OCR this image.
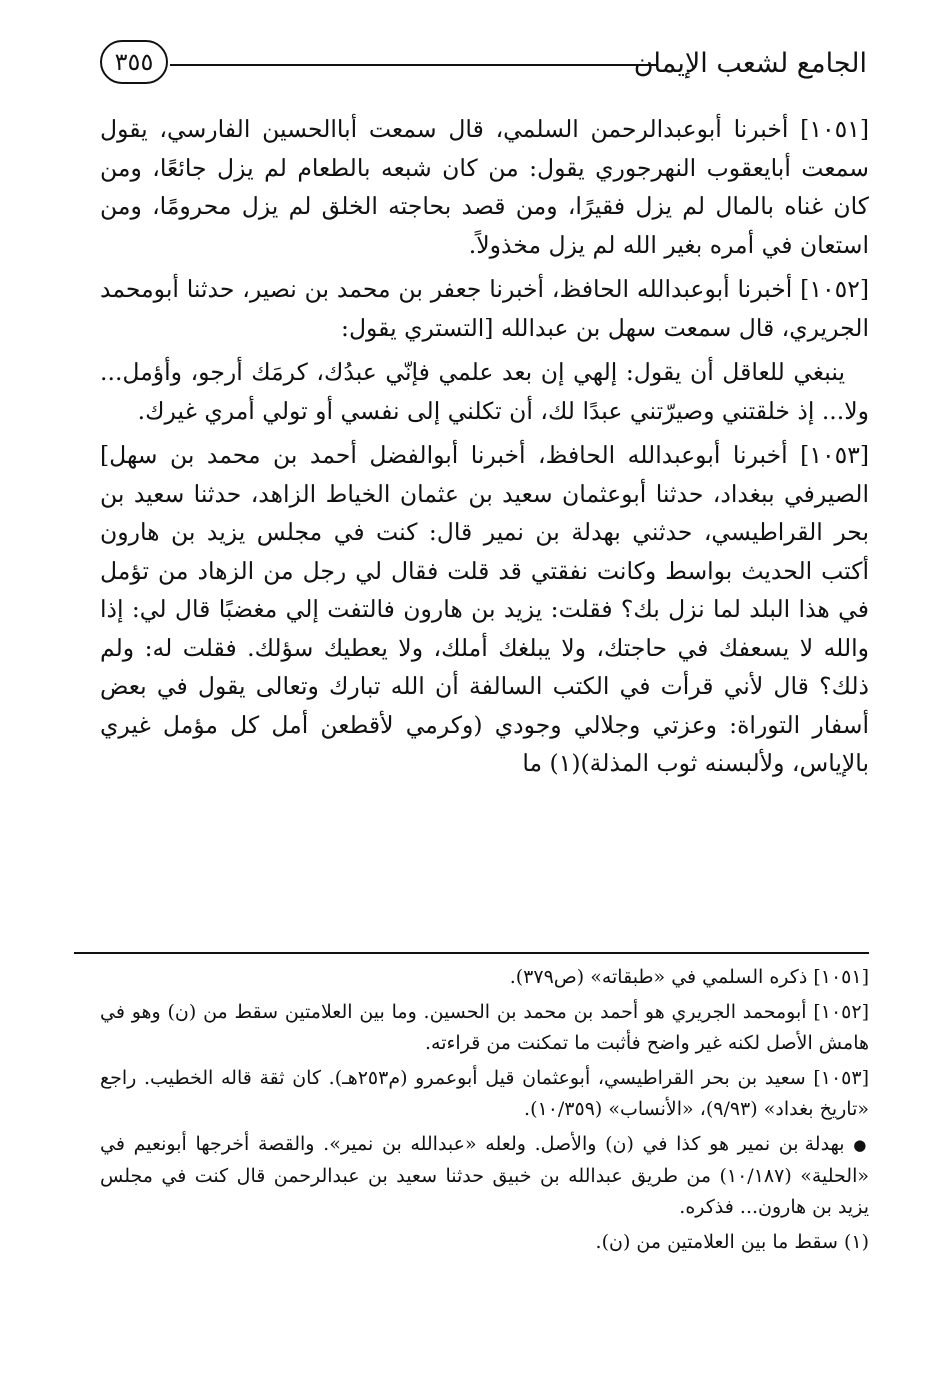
الجامع لشعب الإيمان
٣٥٥

[١٠٥١] أخبرنا أبوعبدالرحمن السلمي، قال سمعت أباالحسين الفارسي، يقول سمعت أبايعقوب النهرجوري يقول: من كان شبعه بالطعام لم يزل جائعًا، ومن كان غناه بالمال لم يزل فقيرًا، ومن قصد بحاجته الخلق لم يزل محرومًا، ومن استعان في أمره بغير الله لم يزل مخذولاً.

[١٠٥٢] أخبرنا أبوعبدالله الحافظ، أخبرنا جعفر بن محمد بن نصير، حدثنا أبومحمد الجريري، قال سمعت سهل بن عبدالله [التستري يقول:

ينبغي للعاقل أن يقول: إلهي إن بعد علمي فإنّي عبدُك، كرمَك أرجو، وأؤمل... ولا... إذ خلقتني وصيرّتني عبدًا لك، أن تكلني إلى نفسي أو تولي أمري غيرك.

[١٠٥٣] أخبرنا أبوعبدالله الحافظ، أخبرنا أبوالفضل أحمد بن محمد بن سهل] الصيرفي ببغداد، حدثنا أبوعثمان سعيد بن عثمان الخياط الزاهد، حدثنا سعيد بن بحر القراطيسي، حدثني بهدلة بن نمير قال: كنت في مجلس يزيد بن هارون أكتب الحديث بواسط وكانت نفقتي قد قلت فقال لي رجل من الزهاد من تؤمل في هذا البلد لما نزل بك؟ فقلت: يزيد بن هارون فالتفت إلي مغضبًا قال لي: إذا والله لا يسعفك في حاجتك، ولا يبلغك أملك، ولا يعطيك سؤلك. فقلت له: ولم ذلك؟ قال لأني قرأت في الكتب السالفة أن الله تبارك وتعالى يقول في بعض أسفار التوراة: وعزتي وجلالي وجودي (وكرمي لأقطعن أمل كل مؤمل غيري بالإياس، ولألبسنه ثوب المذلة)(١) ما

[١٠٥١] ذكره السلمي في «طبقاته» (ص٣٧٩).

[١٠٥٢] أبومحمد الجريري هو أحمد بن محمد بن الحسين. وما بين العلامتين سقط من (ن) وهو في هامش الأصل لكنه غير واضح فأثبت ما تمكنت من قراءته.

[١٠٥٣] سعيد بن بحر القراطيسي، أبوعثمان قيل أبوعمرو (م٢٥٣هـ). كان ثقة قاله الخطيب. راجع «تاريخ بغداد» (٩/٩٣)، «الأنساب» (١٠/٣٥٩).

● بهدلة بن نمير هو كذا في (ن) والأصل. ولعله «عبدالله بن نمير». والقصة أخرجها أبونعيم في «الحلية» (١٠/١٨٧) من طريق عبدالله بن خبيق حدثنا سعيد بن عبدالرحمن قال كنت في مجلس يزيد بن هارون... فذكره.

(١) سقط ما بين العلامتين من (ن).
